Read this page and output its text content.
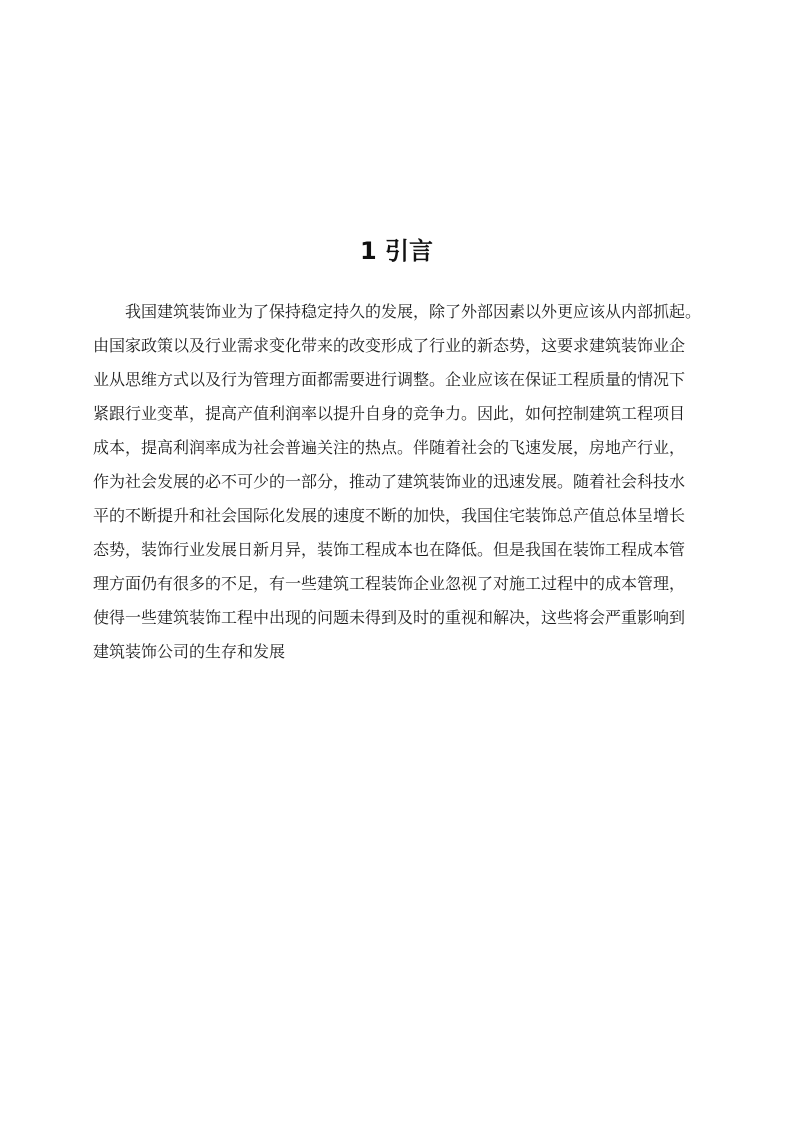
1 引言
我国建筑装饰业为了保持稳定持久的发展，除了外部因素以外更应该从内部抓起。
由国家政策以及行业需求变化带来的改变形成了行业的新态势，这要求建筑装饰业企
业从思维方式以及行为管理方面都需要进行调整。企业应该在保证工程质量的情况下
紧跟行业变革，提高产值利润率以提升自身的竞争力。因此，如何控制建筑工程项目
成本，提高利润率成为社会普遍关注的热点。伴随着社会的飞速发展，房地产行业，
作为社会发展的必不可少的一部分，推动了建筑装饰业的迅速发展。随着社会科技水
平的不断提升和社会国际化发展的速度不断的加快，我国住宅装饰总产值总体呈增长
态势，装饰行业发展日新月异，装饰工程成本也在降低。但是我国在装饰工程成本管
理方面仍有很多的不足，有一些建筑工程装饰企业忽视了对施工过程中的成本管理，
使得一些建筑装饰工程中出现的问题未得到及时的重视和解决，这些将会严重影响到
建筑装饰公司的生存和发展
